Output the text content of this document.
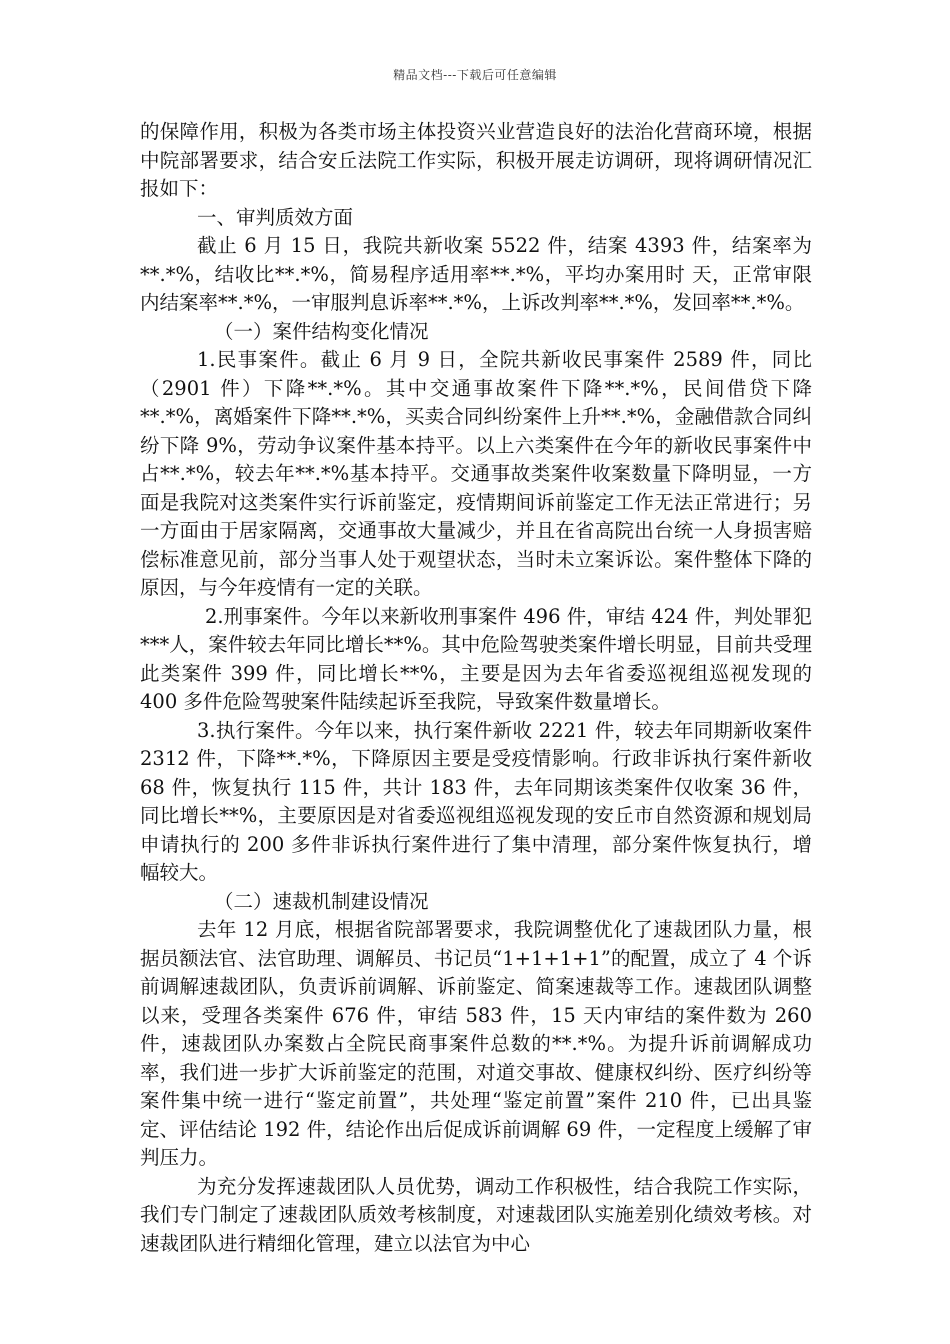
精品文档---下载后可任意编辑

的保障作用，积极为各类市场主体投资兴业营造良好的法治化营商环境，根据中院部署要求，结合安丘法院工作实际，积极开展走访调研，现将调研情况汇报如下：

一、审判质效方面

截止 6 月 15 日，我院共新收案 5522 件，结案 4393 件，结案率为**.*%，结收比**.*%，简易程序适用率**.*%，平均办案用时 天，正常审限内结案率**.*%，一审服判息诉率**.*%，上诉改判率**.*%，发回率**.*%。

（一）案件结构变化情况

1.民事案件。截止 6 月 9 日，全院共新收民事案件 2589 件，同比（2901 件）下降**.*%。其中交通事故案件下降**.*%，民间借贷下降**.*%，离婚案件下降**.*%，买卖合同纠纷案件上升**.*%，金融借款合同纠纷下降 9%，劳动争议案件基本持平。以上六类案件在今年的新收民事案件中占**.*%，较去年**.*%基本持平。交通事故类案件收案数量下降明显，一方面是我院对这类案件实行诉前鉴定，疫情期间诉前鉴定工作无法正常进行；另一方面由于居家隔离，交通事故大量减少，并且在省高院出台统一人身损害赔偿标准意见前，部分当事人处于观望状态，当时未立案诉讼。案件整体下降的原因，与今年疫情有一定的关联。

2.刑事案件。今年以来新收刑事案件 496 件，审结 424 件，判处罪犯***人，案件较去年同比增长**%。其中危险驾驶类案件增长明显，目前共受理此类案件 399 件，同比增长**%，主要是因为去年省委巡视组巡视发现的 400 多件危险驾驶案件陆续起诉至我院，导致案件数量增长。

3.执行案件。今年以来，执行案件新收 2221 件，较去年同期新收案件 2312 件，下降**.*%，下降原因主要是受疫情影响。行政非诉执行案件新收 68 件，恢复执行 115 件，共计 183 件，去年同期该类案件仅收案 36 件，同比增长**%，主要原因是对省委巡视组巡视发现的安丘市自然资源和规划局申请执行的 200 多件非诉执行案件进行了集中清理，部分案件恢复执行，增幅较大。

（二）速裁机制建设情况

去年 12 月底，根据省院部署要求，我院调整优化了速裁团队力量，根据员额法官、法官助理、调解员、书记员“1+1+1+1”的配置，成立了 4 个诉前调解速裁团队，负责诉前调解、诉前鉴定、简案速裁等工作。速裁团队调整以来，受理各类案件 676 件，审结 583 件，15 天内审结的案件数为 260 件，速裁团队办案数占全院民商事案件总数的**.*%。为提升诉前调解成功率，我们进一步扩大诉前鉴定的范围，对道交事故、健康权纠纷、医疗纠纷等案件集中统一进行“鉴定前置”，共处理“鉴定前置”案件 210 件，已出具鉴定、评估结论 192 件，结论作出后促成诉前调解 69 件，一定程度上缓解了审判压力。

为充分发挥速裁团队人员优势，调动工作积极性，结合我院工作实际，我们专门制定了速裁团队质效考核制度，对速裁团队实施差别化绩效考核。对速裁团队进行精细化管理，建立以法官为中心
